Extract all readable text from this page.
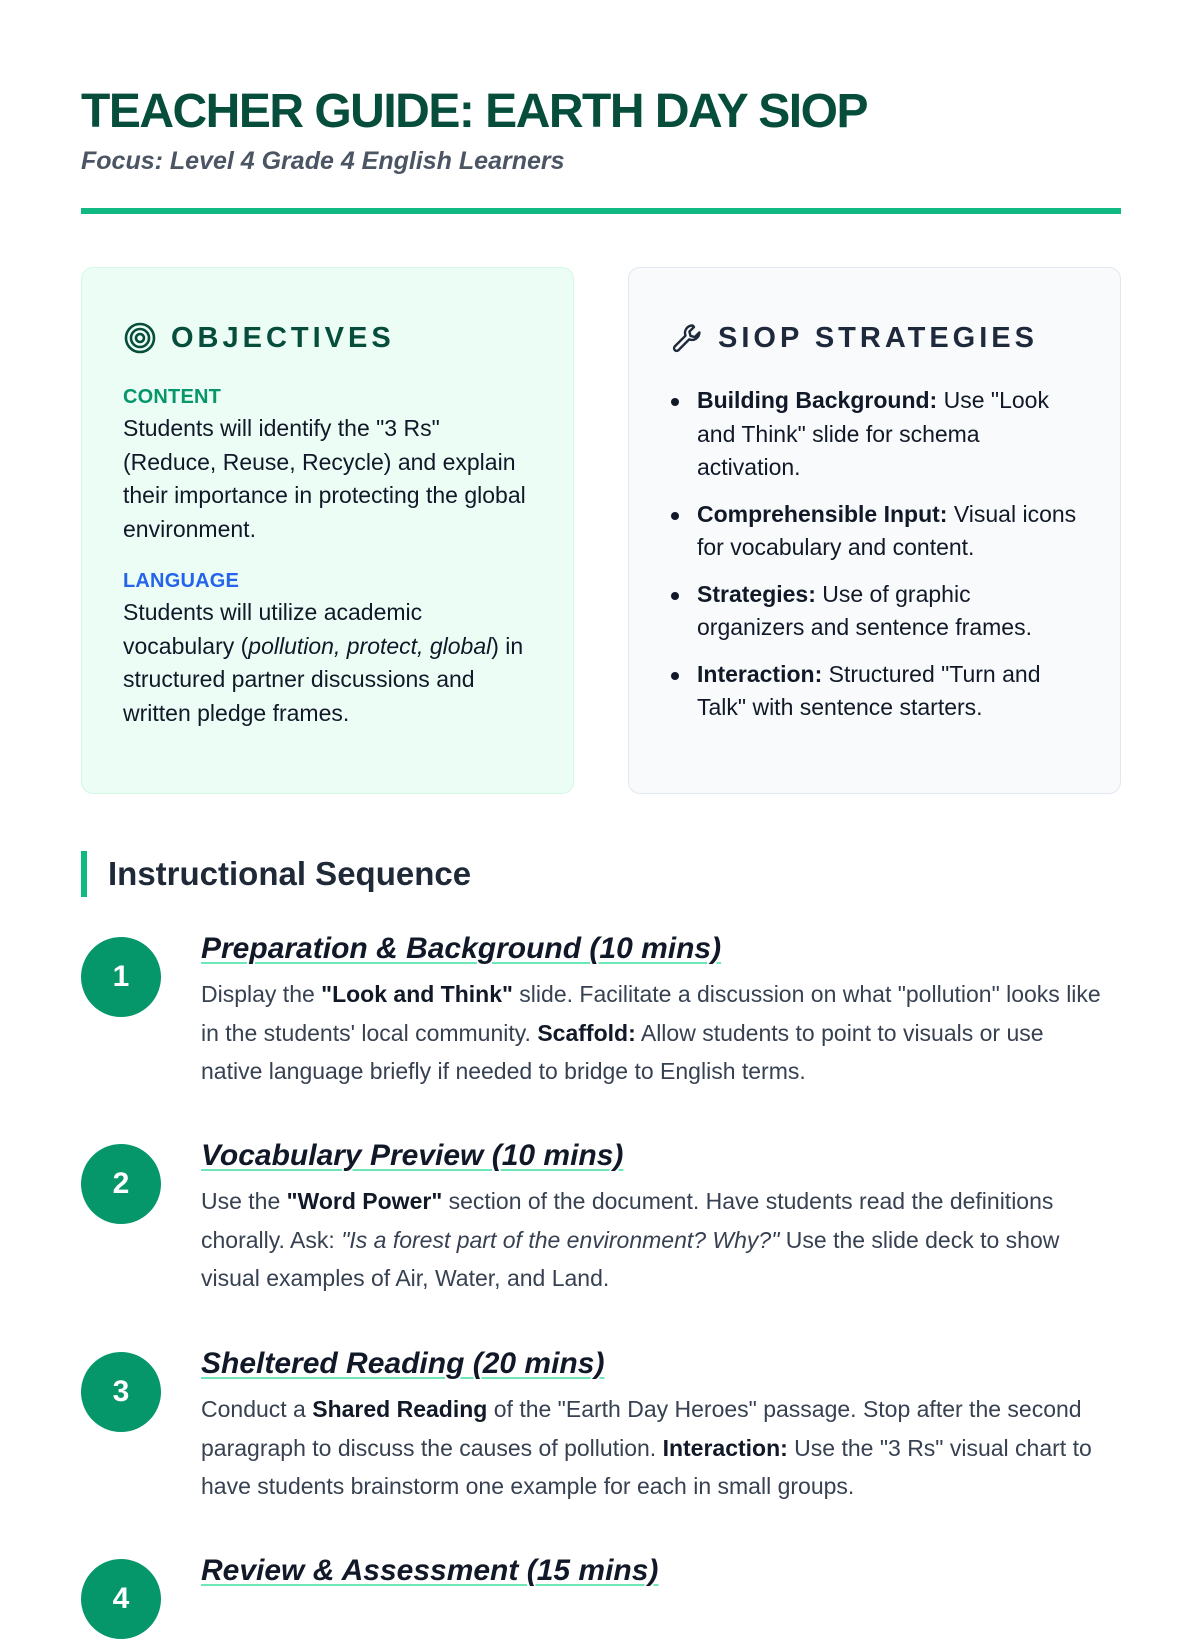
TEACHER GUIDE: EARTH DAY SIOP
Focus: Level 4 Grade 4 English Learners
OBJECTIVES
CONTENT
Students will identify the "3 Rs" (Reduce, Reuse, Recycle) and explain their importance in protecting the global environment.
LANGUAGE
Students will utilize academic vocabulary (pollution, protect, global) in structured partner discussions and written pledge frames.
SIOP STRATEGIES
Building Background: Use "Look and Think" slide for schema activation.
Comprehensible Input: Visual icons for vocabulary and content.
Strategies: Use of graphic organizers and sentence frames.
Interaction: Structured "Turn and Talk" with sentence starters.
Instructional Sequence
1
Preparation & Background (10 mins)

Display the "Look and Think" slide. Facilitate a discussion on what "pollution" looks like in the students' local community. Scaffold: Allow students to point to visuals or use native language briefly if needed to bridge to English terms.

2
Vocabulary Preview (10 mins)

Use the "Word Power" section of the document. Have students read the definitions chorally. Ask: "Is a forest part of the environment? Why?" Use the slide deck to show visual examples of Air, Water, and Land.

3
Sheltered Reading (20 mins)

Conduct a Shared Reading of the "Earth Day Heroes" passage. Stop after the second paragraph to discuss the causes of pollution. Interaction: Use the "3 Rs" visual chart to have students brainstorm one example for each in small groups.

4
Review & Assessment (15 mins)
